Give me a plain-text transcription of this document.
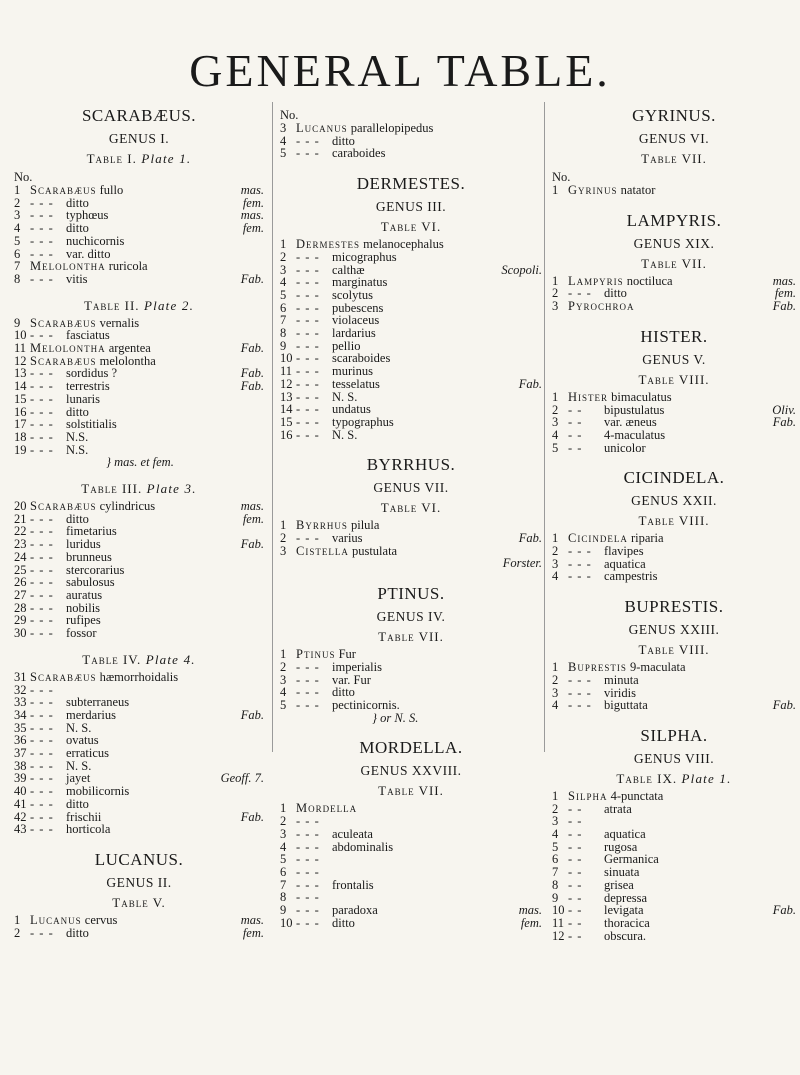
GENERAL TABLE.
SCARABÆUS.
GENUS I.
Table I. Plate 1.
No.
1 Scarabæus fullo	mas.
2 - - - ditto	fem.
3 - - - typhœus	mas.
4 - - - ditto	fem.
5 - - - nuchicornis
6 - - - var. ditto
7 Melolontha ruricola
8 - - - vitis	Fab.
Table II. Plate 2.
9 Scarabæus vernalis
10 - - - fasciatus
11 Melolontha argentea	Fab.
12 Scarabæus melolontha
13 - - - sordidus ?	Fab.
14 - - - terrestris	Fab.
15 - - - lunaris
16 - - - ditto
17 - - - solstitialis
18 - - - N.S.
19 - - - N.S.
} mas. et fem.
Table III. Plate 3.
20 Scarabæus cylindricus	mas.
21 - - - ditto	fem.
22 - - - fimetarius
23 - - - luridus	Fab.
24 - - - brunneus
25 - - - stercorarius
26 - - - sabulosus
27 - - - auratus
28 - - - nobilis
29 - - - rufipes
30 - - - fossor
Table IV. Plate 4.
31 Scarabæus hæmorrhoidalis
32 - - -
33 - - - subterraneus
34 - - - merdarius	Fab.
35 - - - N. S.
36 - - - ovatus
37 - - - erraticus
38 - - - N. S.
39 - - - jayet	Geoff. 7.
40 - - - mobilicornis
41 - - - ditto
42 - - - frischii	Fab.
43 - - - horticola
LUCANUS.
GENUS II.
Table V.
1 Lucanus cervus	mas.
2 - - - ditto	fem.
No.
3 Lucanus parallelopipedus
4 - - - ditto
5 - - - caraboides
DERMESTES.
GENUS III.
Table VI.
1 Dermestes melanocephalus
2 - - - micographus
3 - - - calthæ	Scopoli.
4 - - - marginatus
5 - - - scolytus
6 - - - pubescens
7 - - - violaceus
8 - - - lardarius
9 - - - pellio
10 - - - scaraboides
11 - - - murinus
12 - - - tesselatus	Fab.
13 - - - N. S.
14 - - - undatus
15 - - - typographus
16 - - - N. S.
BYRRHUS.
GENUS VII.
Table VI.
1 Byrrhus pilula
2 - - - varius	Fab.
3 Cistella pustulata
Forster.
PTINUS.
GENUS IV.
Table VII.
1 Ptinus Fur
2 - - - imperialis
3 - - - var. Fur
4 - - - ditto
5 - - - pectinicornis.
} or N. S.
MORDELLA.
GENUS XXVIII.
Table VII.
1 Mordella
2 - - -
3 - - - aculeata
4 - - - abdominalis
5 - - -
6 - - -
7 - - - frontalis
8 - - -
9 - - - paradoxa	mas.
10 - - - ditto	fem.
GYRINUS.
GENUS VI.
Table VII.
No.
1 Gyrinus natator
LAMPYRIS.
GENUS XIX.
Table VII.
1 Lampyris noctiluca	mas.
2 - - - ditto	fem.
3 Pyrochroa	Fab.
HISTER.
GENUS V.
Table VIII.
1 Hister bimaculatus
2 - -	bipustulatus	Oliv.
3 - -	var. æneus	Fab.
4 - -	4-maculatus
5 - -	unicolor
CICINDELA.
GENUS XXII.
Table VIII.
1 Cicindela riparia
2 - - - flavipes
3 - - - aquatica
4 - - - campestris
BUPRESTIS.
GENUS XXIII.
Table VIII.
1 Buprestis 9-maculata
2 - - - minuta
3 - - - viridis
4 - - - biguttata	Fab.
SILPHA.
GENUS VIII.
Table IX. Plate 1.
1 Silpha 4-punctata
2 - -	atrata
3 - -
4 - -	aquatica
5 - -	rugosa
6 - -	Germanica
7 - -	sinuata
8 - -	grisea
9 - -	depressa
10 - -	levigata	Fab.
11 - -	thoracica
12 - -	obscura.
